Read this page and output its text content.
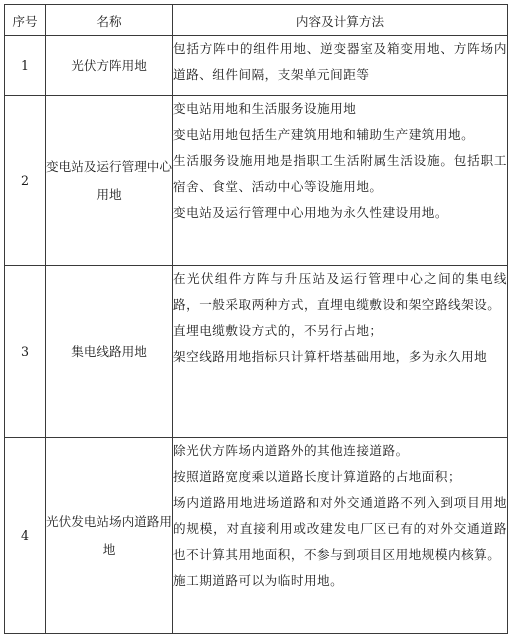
序号	名称	内容及计算方法
1	光伏方阵用地	包括方阵中的组件用地、逆变器室及箱变用地、方阵场内道路、组件间隔，支架单元间距等

2	变电站及运行管理中心用地	变电站用地和生活服务设施用地

变电站用地包括生产建筑用地和辅助生产建筑用地。

生活服务设施用地是指职工生活附属生活设施。包括职工宿舍、食堂、活动中心等设施用地。

变电站及运行管理中心用地为永久性建设用地。

3	集电线路用地	在光伏组件方阵与升压站及运行管理中心之间的集电线路，一般采取两种方式，直埋电缆敷设和架空路线架设。

直埋电缆敷设方式的，不另行占地；

架空线路用地指标只计算杆塔基础用地，多为永久用地

4	光伏发电站场内道路用地	除光伏方阵场内道路外的其他连接道路。

按照道路宽度乘以道路长度计算道路的占地面积；

场内道路用地进场道路和对外交通道路不列入到项目用地的规模，对直接利用或改建发电厂区已有的对外交通道路也不计算其用地面积，不参与到项目区用地规模内核算。

施工期道路可以为临时用地。
